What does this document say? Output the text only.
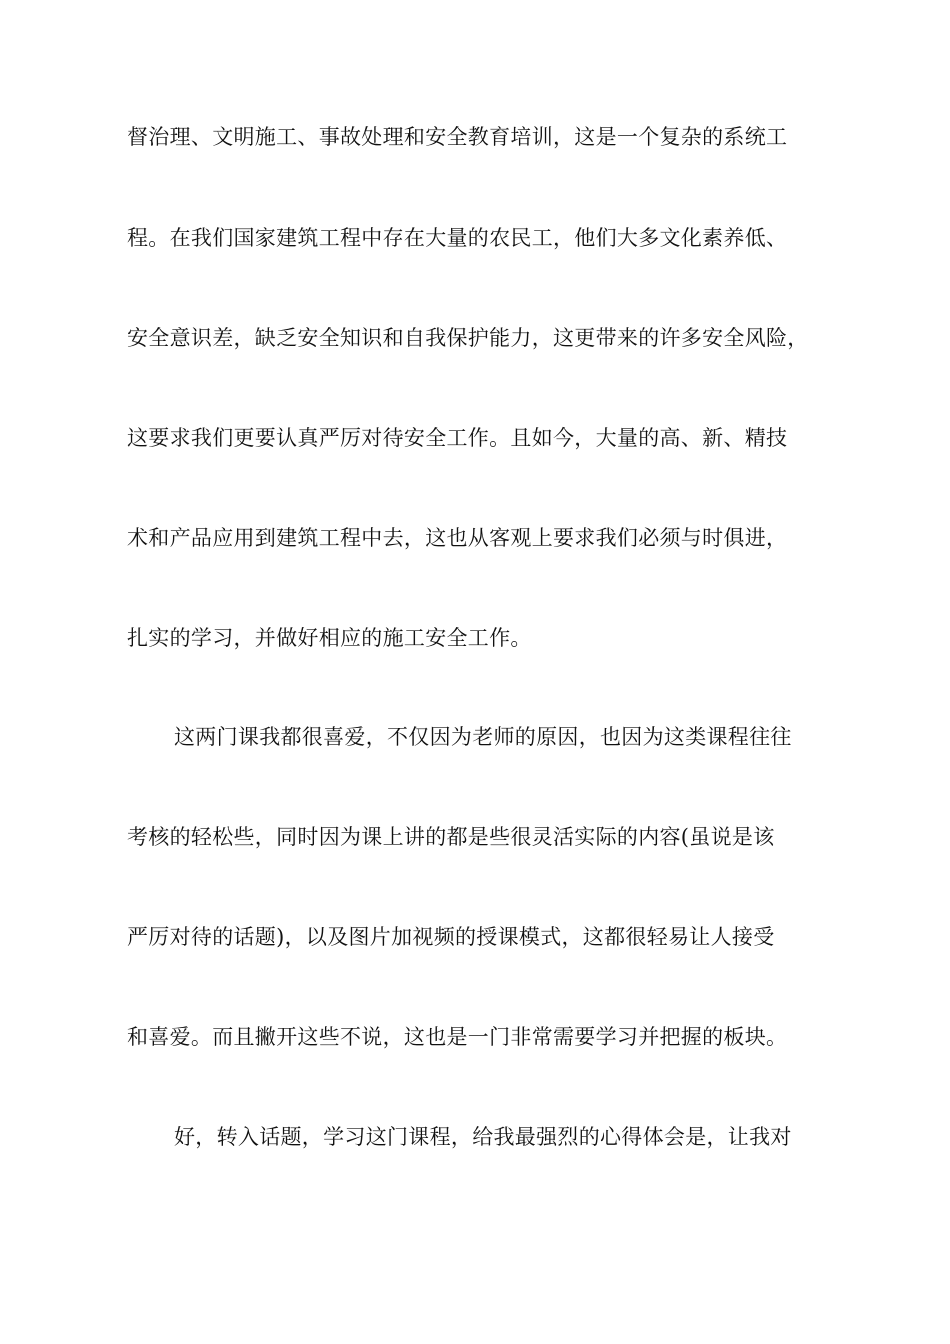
督治理、文明施工、事故处理和安全教育培训，这是一个复杂的系统工

程。在我们国家建筑工程中存在大量的农民工，他们大多文化素养低、

安全意识差，缺乏安全知识和自我保护能力，这更带来的许多安全风险，

这要求我们更要认真严厉对待安全工作。且如今，大量的高、新、精技

术和产品应用到建筑工程中去，这也从客观上要求我们必须与时俱进，

扎实的学习，并做好相应的施工安全工作。

这两门课我都很喜爱，不仅因为老师的原因，也因为这类课程往往

考核的轻松些，同时因为课上讲的都是些很灵活实际的内容(虽说是该

严厉对待的话题)，以及图片加视频的授课模式，这都很轻易让人接受

和喜爱。而且撇开这些不说，这也是一门非常需要学习并把握的板块。

好，转入话题，学习这门课程，给我最强烈的心得体会是，让我对
